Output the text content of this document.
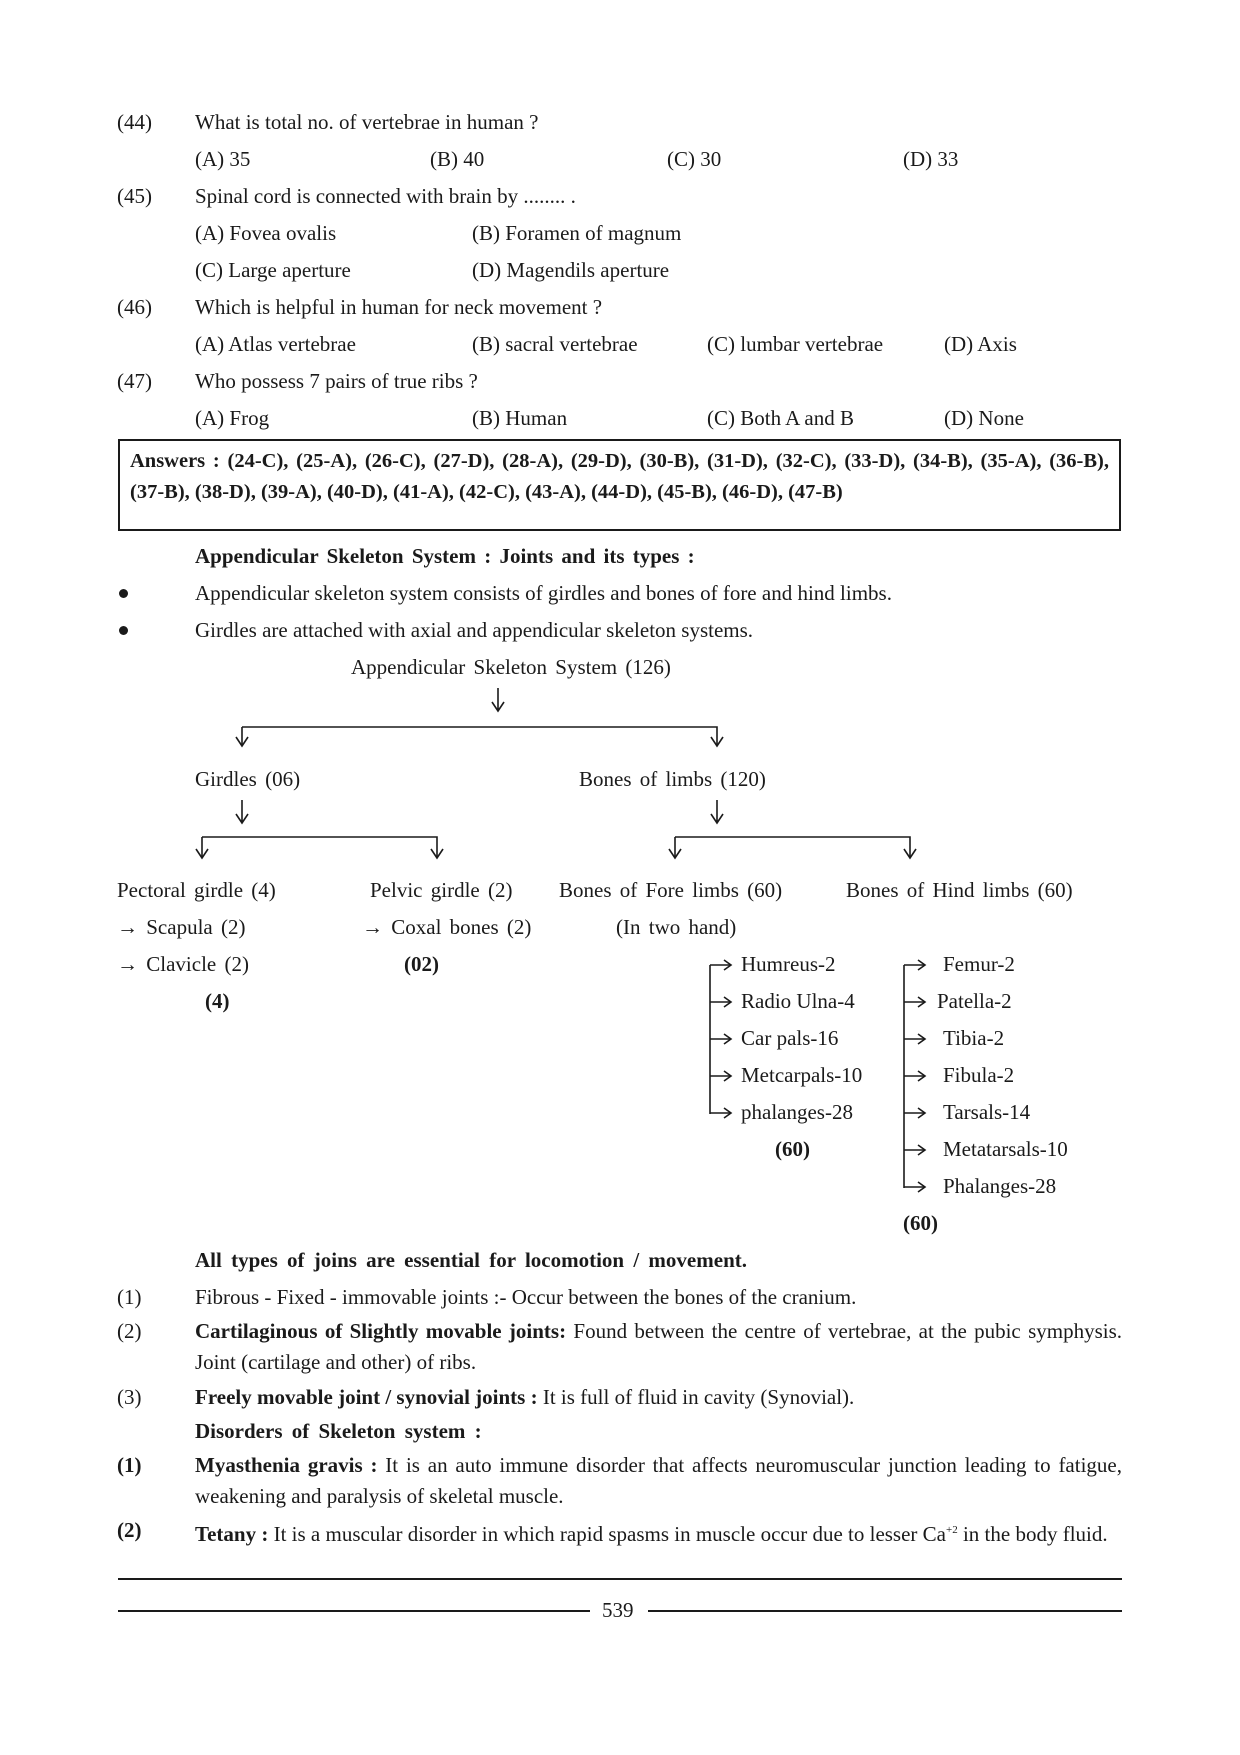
(44) What is total no. of vertebrae in human ?
(A) 35	(B) 40	(C) 30	(D) 33
(45) Spinal cord is connected with brain by ........ .
(A) Fovea ovalis	(B) Foramen of magnum
(C) Large aperture	(D) Magendils aperture
(46) Which is helpful in human for neck movement ?
(A) Atlas vertebrae	(B) sacral vertebrae	(C) lumbar vertebrae	(D) Axis
(47) Who possess 7 pairs of true ribs ?
(A) Frog	(B) Human	(C) Both A and B	(D) None
Answers : (24-C), (25-A), (26-C), (27-D), (28-A), (29-D), (30-B), (31-D), (32-C), (33-D), (34-B), (35-A), (36-B), (37-B), (38-D), (39-A), (40-D), (41-A), (42-C), (43-A), (44-D), (45-B), (46-D), (47-B)
Appendicular Skeleton System : Joints and its types :
Appendicular skeleton system consists of girdles and bones of fore and hind limbs.
Girdles are attached with axial and appendicular skeleton systems.
Appendicular Skeleton System (126)
Girdles (06)	Bones of limbs (120)
Pectoral girdle (4)	Pelvic girdle (2) Bones of Fore limbs (60)	Bones of Hind limbs (60)
→ Scapula (2)	→ Coxal bones (2)	(In two hand)
→ Clavicle (2)	(02)
(4)
Humreus-2
Radio Ulna-4
Car pals-16
Metcarpals-10
phalanges-28
(60)
Femur-2
Patella-2
Tibia-2
Fibula-2
Tarsals-14
Metatarsals-10
Phalanges-28
(60)
All types of joins are essential for locomotion / movement.
(1)	Fibrous - Fixed - immovable joints :- Occur between the bones of the cranium.
(2)	Cartilaginous of Slightly movable joints: Found between the centre of vertebrae, at the pubic symphysis. Joint (cartilage and other) of ribs.
(3)	Freely movable joint / synovial joints : It is full of fluid in cavity (Synovial).
Disorders of Skeleton system :
(1)	Myasthenia gravis : It is an auto immune disorder that affects neuromuscular junction leading to fatigue, weakening and paralysis of skeletal muscle.
(2)	Tetany : It is a muscular disorder in which rapid spasms in muscle occur due to lesser $Ca^{+2}$ in the body fluid.
539
